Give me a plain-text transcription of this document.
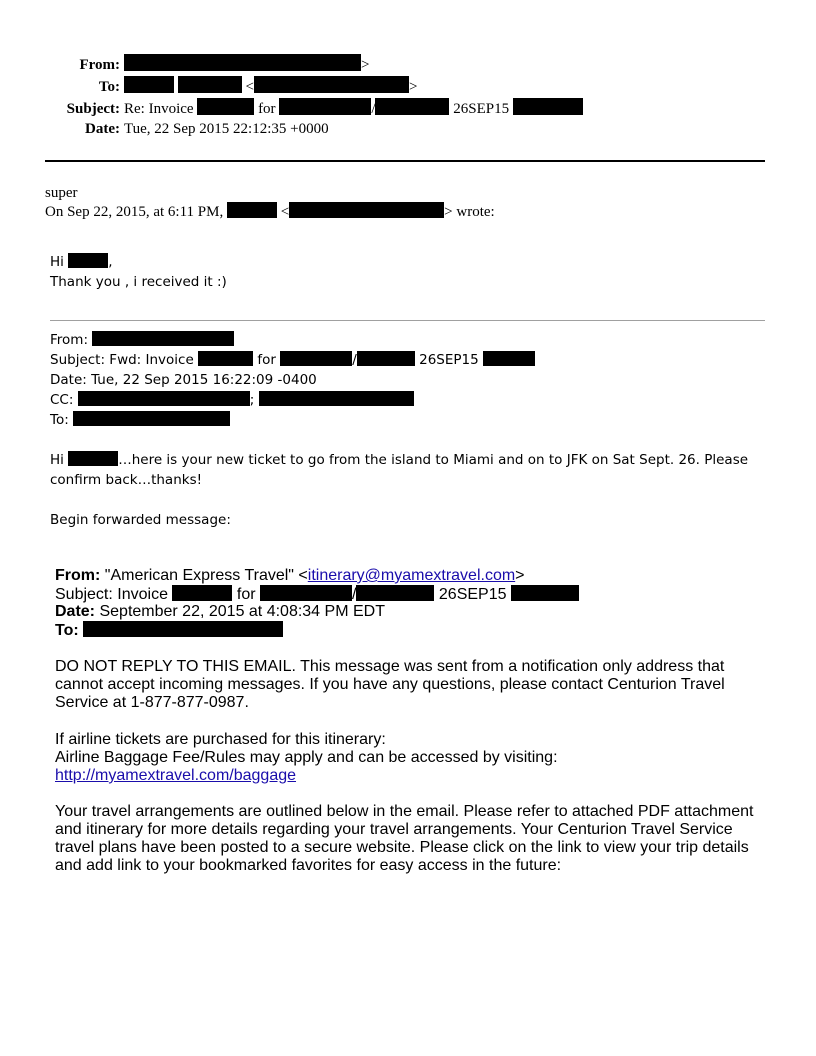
From:	>
To:	<	>
Subject: Re: Invoice	for	/	26SEP15
Date: Tue, 22 Sep 2015 22:12:35 +0000
super
On Sep 22, 2015, at 6:11 PM,	<	> wrote:
Hi	,
Thank you , i received it :)
From:
Subject: Fwd: Invoice	for	/	26SEP15
Date: Tue, 22 Sep 2015 16:22:09 -0400
CC:	;
To:
Hi	…here is your new ticket to go from the island to Miami and on to JFK on Sat Sept. 26. Please
confirm back…thanks!
Begin forwarded message:
From: "American Express Travel" <itinerary@myamextravel.com>
Subject: Invoice	for	/	26SEP15
Date: September 22, 2015 at 4:08:34 PM EDT
To:
DO NOT REPLY TO THIS EMAIL. This message was sent from a notification only address that cannot accept incoming messages. If you have any questions, please contact Centurion Travel Service at 1-877-877-0987.
If airline tickets are purchased for this itinerary:
Airline Baggage Fee/Rules may apply and can be accessed by visiting:
http://myamextravel.com/baggage
Your travel arrangements are outlined below in the email. Please refer to attached PDF attachment and itinerary for more details regarding your travel arrangements. Your Centurion Travel Service travel plans have been posted to a secure website. Please click on the link to view your trip details and add link to your bookmarked favorites for easy access in the future:
